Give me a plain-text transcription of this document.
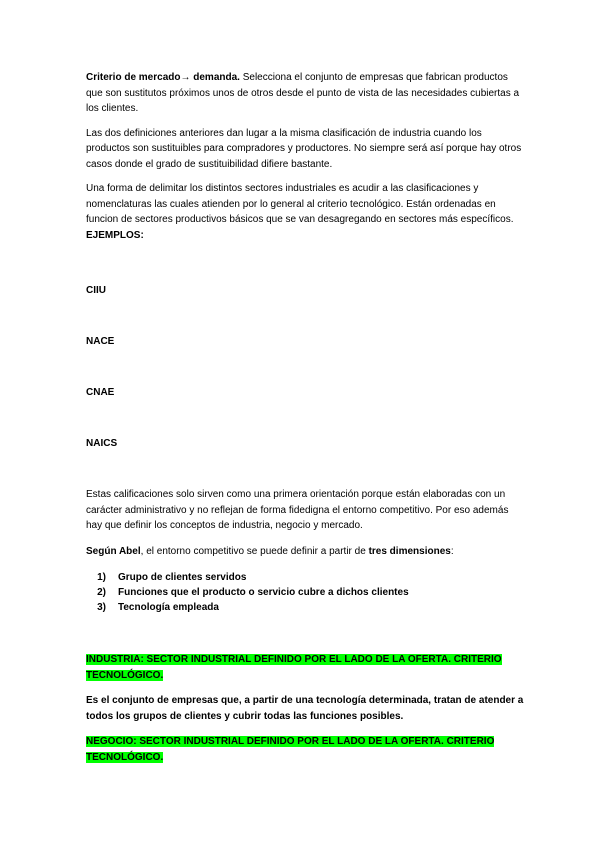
Criterio de mercado→ demanda. Selecciona el conjunto de empresas que fabrican productos que son sustitutos próximos unos de otros desde el punto de vista de las necesidades cubiertas a los clientes.

Las dos definiciones anteriores dan lugar a la misma clasificación de industria cuando los productos son sustituibles para compradores y productores. No siempre será así porque hay otros casos donde el grado de sustituibilidad difiere bastante.

Una forma de delimitar los distintos sectores industriales es acudir a las clasificaciones y nomenclaturas las cuales atienden por lo general al criterio tecnológico. Están ordenadas en funcion de sectores productivos básicos que se van desagregando en sectores más específicos.

EJEMPLOS:

CIIU
NACE
CNAE
NAICS

Estas calificaciones solo sirven como una primera orientación porque están elaboradas con un carácter administrativo y no reflejan de forma fidedigna el entorno competitivo. Por eso además hay que definir los conceptos de industria, negocio y mercado.

Según Abel, el entorno competitivo se puede definir a partir de tres dimensiones:

1)	Grupo de clientes servidos
2)	Funciones que el producto o servicio cubre a dichos clientes
3)	Tecnología empleada

INDUSTRIA: SECTOR INDUSTRIAL DEFINIDO POR EL LADO DE LA OFERTA. CRITERIO TECNOLÓGICO.

Es el conjunto de empresas que, a partir de una tecnología determinada, tratan de atender a todos los grupos de clientes y cubrir todas las funciones posibles.

NEGOCIO: SECTOR INDUSTRIAL DEFINIDO POR EL LADO DE LA OFERTA. CRITERIO TECNOLÓGICO.
